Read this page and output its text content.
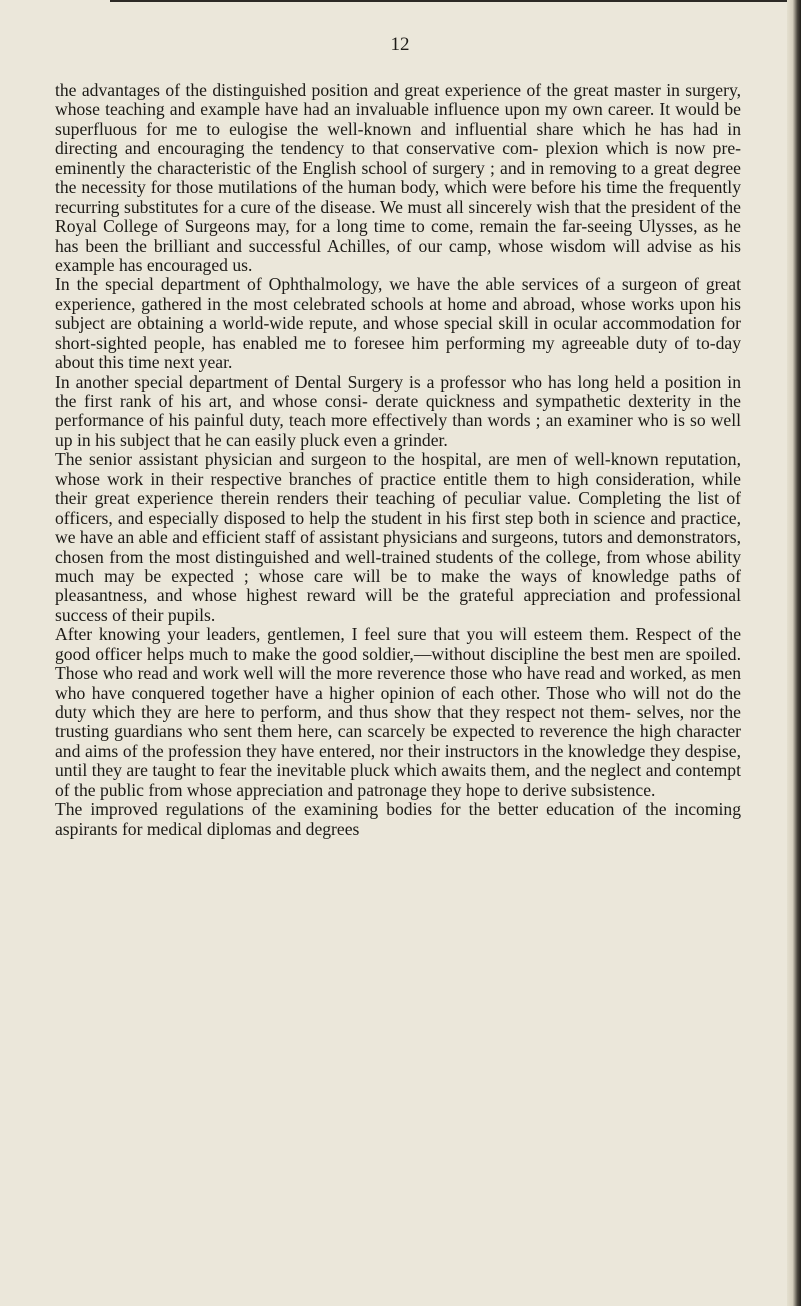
12

the advantages of the distinguished position and great experience of the great master in surgery, whose teaching and example have had an invaluable influence upon my own career. It would be superfluous for me to eulogise the well-known and influential share which he has had in directing and encouraging the tendency to that conservative com- plexion which is now pre-eminently the characteristic of the English school of surgery ; and in removing to a great degree the necessity for those mutilations of the human body, which were before his time the frequently recurring substitutes for a cure of the disease. We must all sincerely wish that the president of the Royal College of Surgeons may, for a long time to come, remain the far-seeing Ulysses, as he has been the brilliant and successful Achilles, of our camp, whose wisdom will advise as his example has encouraged us.

In the special department of Ophthalmology, we have the able services of a surgeon of great experience, gathered in the most celebrated schools at home and abroad, whose works upon his subject are obtaining a world-wide repute, and whose special skill in ocular accommodation for short-sighted people, has enabled me to foresee him performing my agreeable duty of to-day about this time next year.

In another special department of Dental Surgery is a professor who has long held a position in the first rank of his art, and whose consi- derate quickness and sympathetic dexterity in the performance of his painful duty, teach more effectively than words ; an examiner who is so well up in his subject that he can easily pluck even a grinder.

The senior assistant physician and surgeon to the hospital, are men of well-known reputation, whose work in their respective branches of practice entitle them to high consideration, while their great experience therein renders their teaching of peculiar value. Completing the list of officers, and especially disposed to help the student in his first step both in science and practice, we have an able and efficient staff of assistant physicians and surgeons, tutors and demonstrators, chosen from the most distinguished and well-trained students of the college, from whose ability much may be expected ; whose care will be to make the ways of knowledge paths of pleasantness, and whose highest reward will be the grateful appreciation and professional success of their pupils.

After knowing your leaders, gentlemen, I feel sure that you will esteem them. Respect of the good officer helps much to make the good soldier,—without discipline the best men are spoiled. Those who read and work well will the more reverence those who have read and worked, as men who have conquered together have a higher opinion of each other. Those who will not do the duty which they are here to perform, and thus show that they respect not them- selves, nor the trusting guardians who sent them here, can scarcely be expected to reverence the high character and aims of the profession they have entered, nor their instructors in the knowledge they despise, until they are taught to fear the inevitable pluck which awaits them, and the neglect and contempt of the public from whose appreciation and patronage they hope to derive subsistence.

The improved regulations of the examining bodies for the better education of the incoming aspirants for medical diplomas and degrees
